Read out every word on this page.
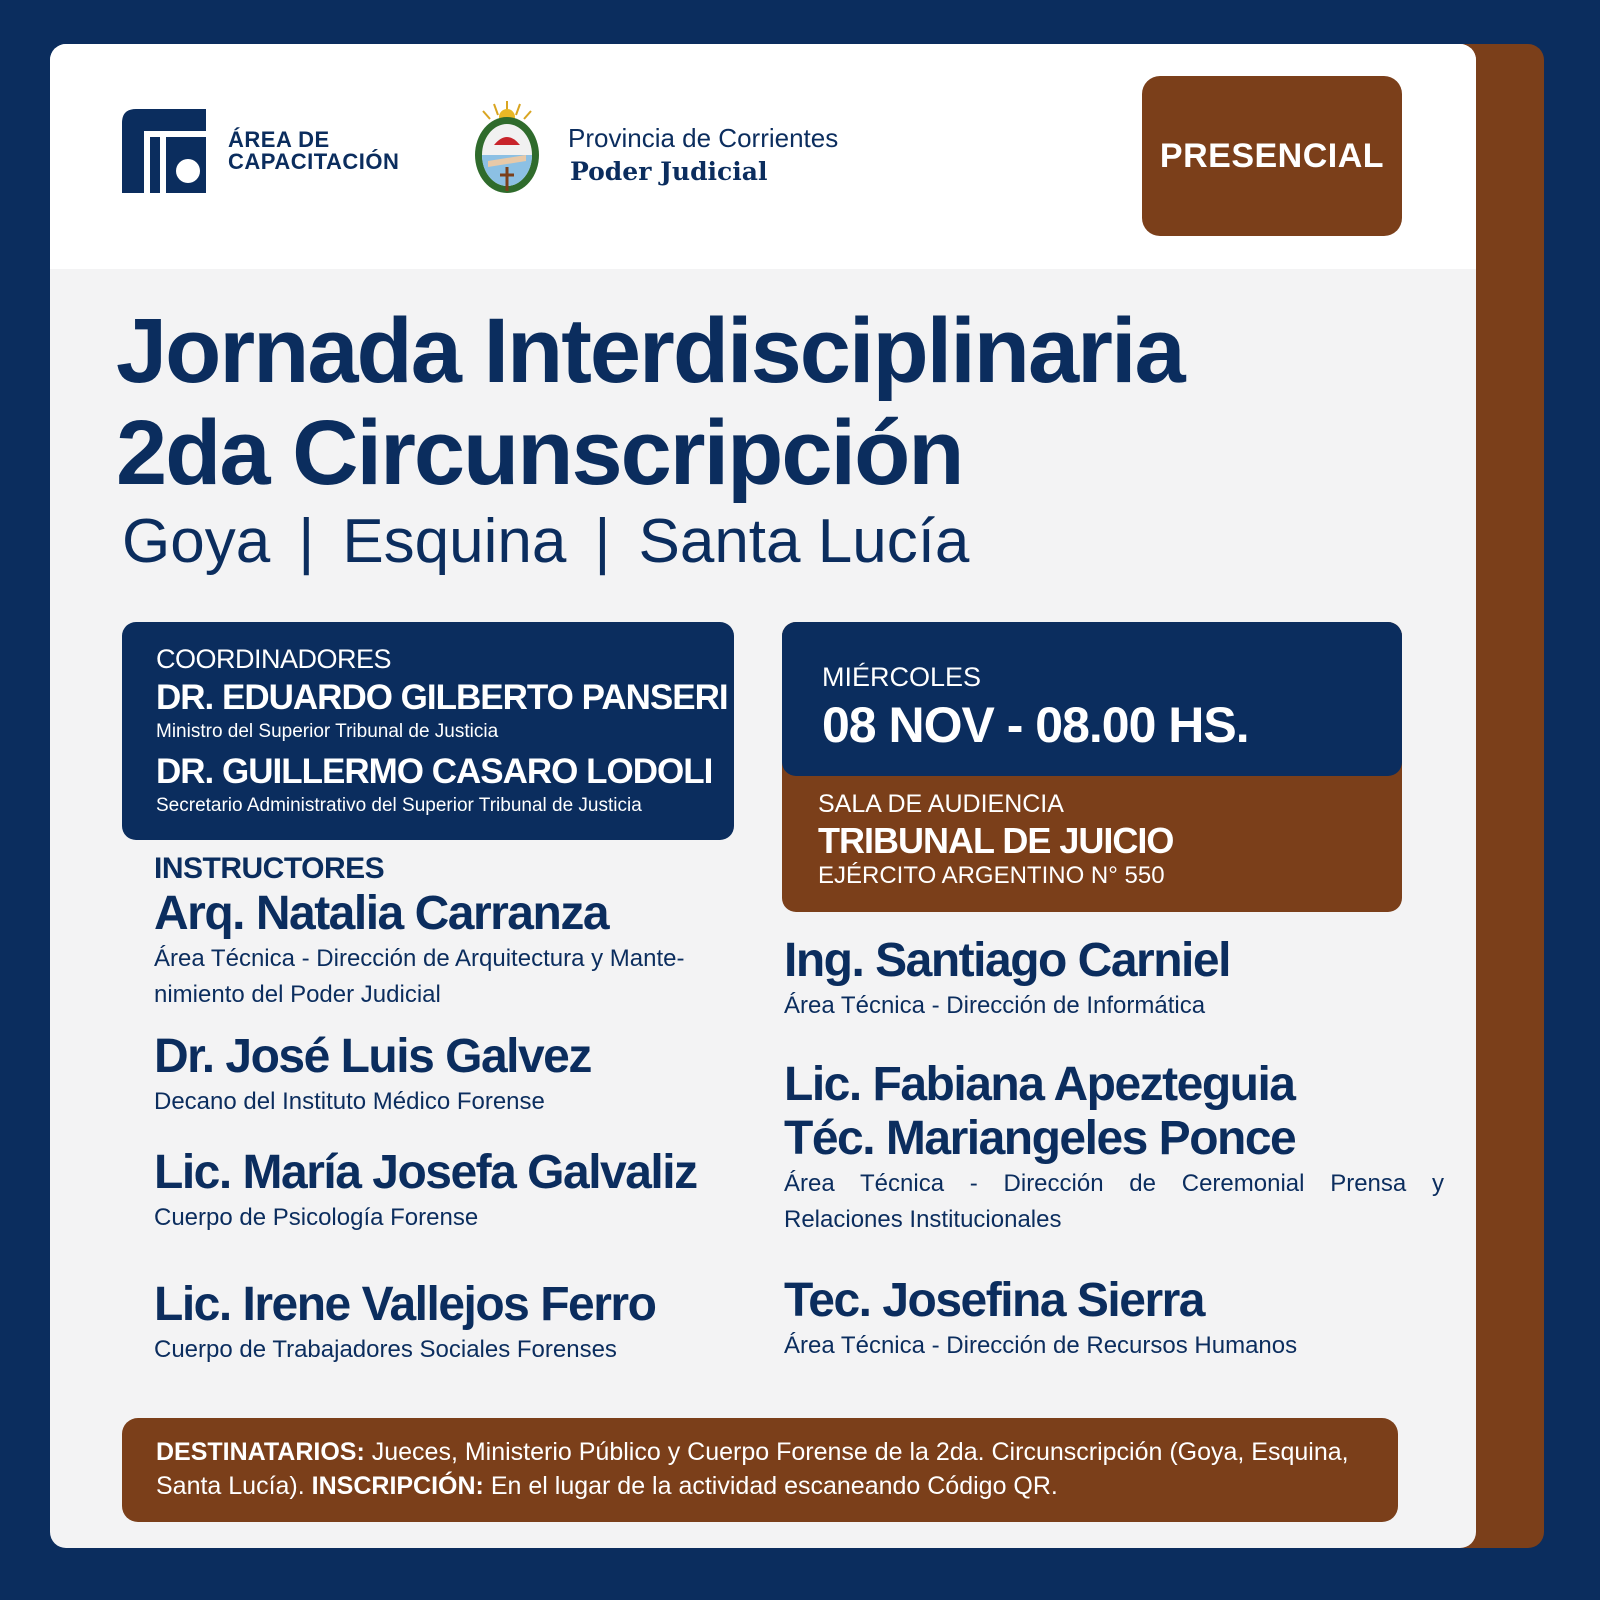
ÁREA DE
CAPACITACIÓN
Provincia de Corrientes
Poder Judicial	PRESENCIAL
Jornada Interdisciplinaria
2da Circunscripción
Goya | Esquina | Santa Lucía
COORDINADORES
DR. EDUARDO GILBERTO PANSERI
Ministro del Superior Tribunal de Justicia
DR. GUILLERMO CASARO LODOLI
Secretario Administrativo del Superior Tribunal de Justicia	SALA DE AUDIENCIA
TRIBUNAL DE JUICIO
EJÉRCITO ARGENTINO N° 550
MIÉRCOLES
08 NOV - 08.00 HS.
INSTRUCTORES
Arq. Natalia Carranza
Área Técnica - Dirección de Arquitectura y Mante-
nimiento del Poder Judicial
Dr. José Luis Galvez
Decano del Instituto Médico Forense
Lic. María Josefa Galvaliz
Cuerpo de Psicología Forense
Lic. Irene Vallejos Ferro
Cuerpo de Trabajadores Sociales Forenses
Ing. Santiago Carniel
Área Técnica - Dirección de Informática
Lic. Fabiana Apezteguia
Téc. Mariangeles Ponce
Área Técnica - Dirección de Ceremonial Prensa y
Relaciones Institucionales
Tec. Josefina Sierra
Área Técnica - Dirección de Recursos Humanos
DESTINATARIOS: Jueces, Ministerio Público y Cuerpo Forense de la 2da. Circunscripción (Goya, Esquina, Santa Lucía). INSCRIPCIÓN: En el lugar de la actividad escaneando Código QR.
